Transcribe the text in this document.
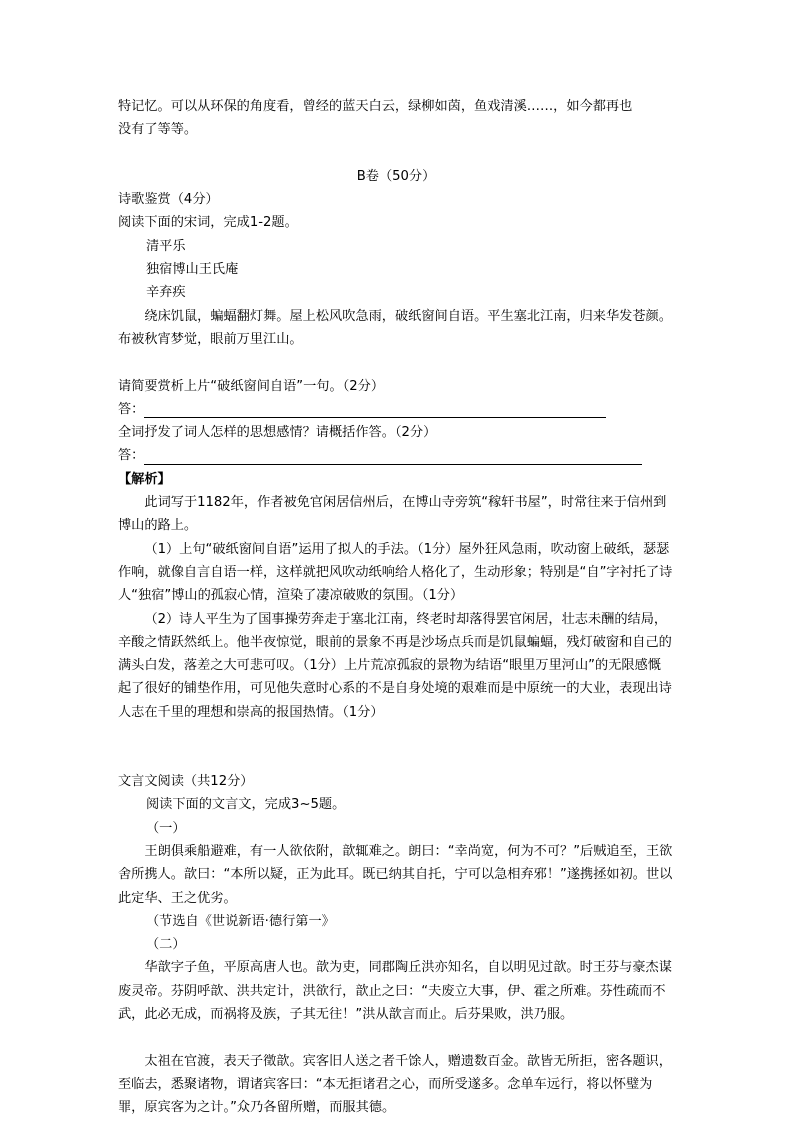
特记忆。可以从环保的角度看，曾经的蓝天白云，绿柳如茵，鱼戏清溪……，如今都再也

没有了等等。

B卷（50分）

诗歌鉴赏（4分）

阅读下面的宋词，完成1-2题。

清平乐

独宿博山王氏庵

辛弃疾

绕床饥鼠，蝙蝠翻灯舞。屋上松风吹急雨，破纸窗间自语。平生塞北江南，归来华发苍颜。布被秋宵梦觉，眼前万里江山。

请简要赏析上片“破纸窗间自语”一句。（2分）

答：

全词抒发了词人怎样的思想感情？请概括作答。（2分）

答：

【解析】

此词写于1182年，作者被免官闲居信州后，在博山寺旁筑“稼轩书屋”，时常往来于信州到博山的路上。

（1）上句“破纸窗间自语”运用了拟人的手法。（1分）屋外狂风急雨，吹动窗上破纸，瑟瑟作响，就像自言自语一样，这样就把风吹动纸响给人格化了，生动形象；特别是“自”字衬托了诗人“独宿”博山的孤寂心情，渲染了凄凉破败的氛围。（1分）

（2）诗人平生为了国事操劳奔走于塞北江南，终老时却落得罢官闲居，壮志未酬的结局，辛酸之情跃然纸上。他半夜惊觉，眼前的景象不再是沙场点兵而是饥鼠蝙蝠，残灯破窗和自己的满头白发，落差之大可悲可叹。（1分）上片荒凉孤寂的景物为结语“眼里万里河山”的无限感慨起了很好的铺垫作用，可见他失意时心系的不是自身处境的艰难而是中原统一的大业，表现出诗人志在千里的理想和崇高的报国热情。（1分）

文言文阅读（共12分）

阅读下面的文言文，完成3~5题。

（一）

王朗俱乘船避难，有一人欲依附，歆辄难之。朗曰：“幸尚宽，何为不可？”后贼追至，王欲舍所携人。歆曰：“本所以疑，正为此耳。既已纳其自托，宁可以急相弃邪！”遂携拯如初。世以此定华、王之优劣。

（节选自《世说新语·德行第一》

（二）

华歆字子鱼，平原高唐人也。歆为吏，同郡陶丘洪亦知名，自以明见过歆。时王芬与豪杰谋废灵帝。芬阴呼歆、洪共定计，洪欲行，歆止之曰：“夫废立大事，伊、霍之所难。芬性疏而不武，此必无成，而祸将及族，子其无往！”洪从歆言而止。后芬果败，洪乃服。

太祖在官渡，表天子徵歆。宾客旧人送之者千馀人，赠遗数百金。歆皆无所拒，密各题识，至临去，悉聚诸物，谓诸宾客曰：“本无拒诸君之心，而所受遂多。念单车远行，将以怀璧为罪，原宾客为之计。”众乃各留所赠，而服其德。
